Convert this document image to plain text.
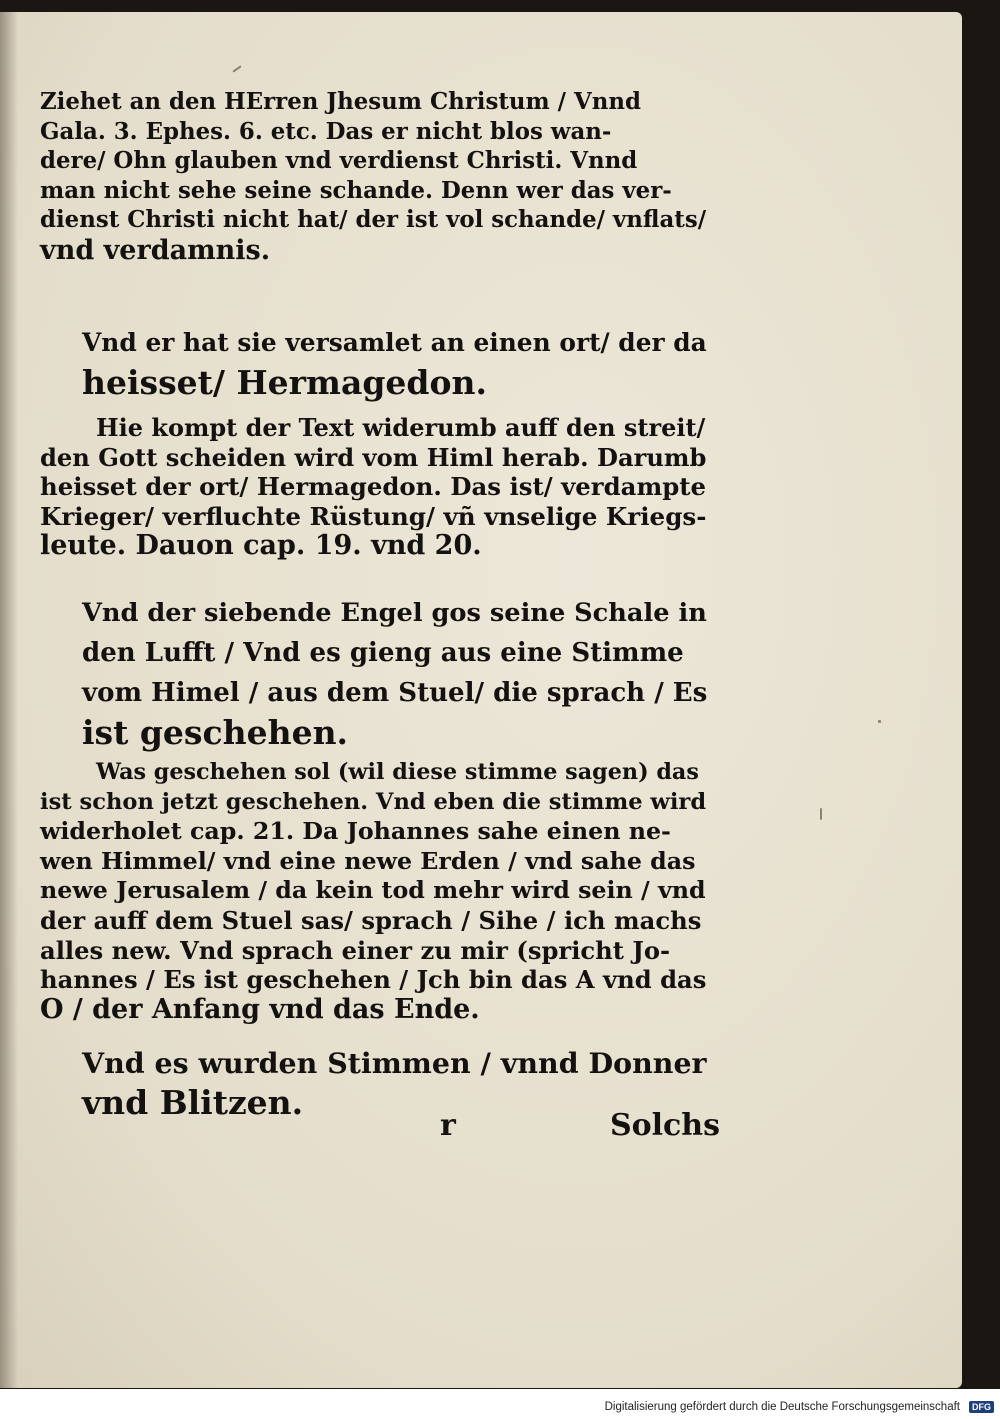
Ziehet an den HErren Jhesum Christum / Vnnd
Gala. 3. Ephes. 6. etc. Das er nicht blos wan-
dere/ Ohn glauben vnd verdienst Christi. Vnnd
man nicht sehe seine schande. Denn wer das ver-
dienst Christi nicht hat/ der ist vol schande/ vnflats/
vnd verdamnis.
Vnd er hat sie versamlet an einen ort/ der da
heisset/ Hermagedon.
Hie kompt der Text widerumb auff den streit/
den Gott scheiden wird vom Himl herab. Darumb
heisset der ort/ Hermagedon. Das ist/ verdampte
Krieger/ verfluchte Rüstung/ vñ vnselige Kriegs-
leute. Dauon cap. 19. vnd 20.
Vnd der siebende Engel gos seine Schale in
den Lufft / Vnd es gieng aus eine Stimme
vom Himel / aus dem Stuel/ die sprach / Es
ist geschehen.
Was geschehen sol (wil diese stimme sagen) das
ist schon jetzt geschehen. Vnd eben die stimme wird
widerholet cap. 21. Da Johannes sahe einen ne-
wen Himmel/ vnd eine newe Erden / vnd sahe das
newe Jerusalem / da kein tod mehr wird sein / vnd
der auff dem Stuel sas/ sprach / Sihe / ich machs
alles new. Vnd sprach einer zu mir (spricht Jo-
hannes / Es ist geschehen / Jch bin das A vnd das
O / der Anfang vnd das Ende.
Vnd es wurden Stimmen / vnnd Donner
vnd Blitzen.
r	Solchs
Digitalisierung gefördert durch die Deutsche Forschungsgemeinschaft	DFG
